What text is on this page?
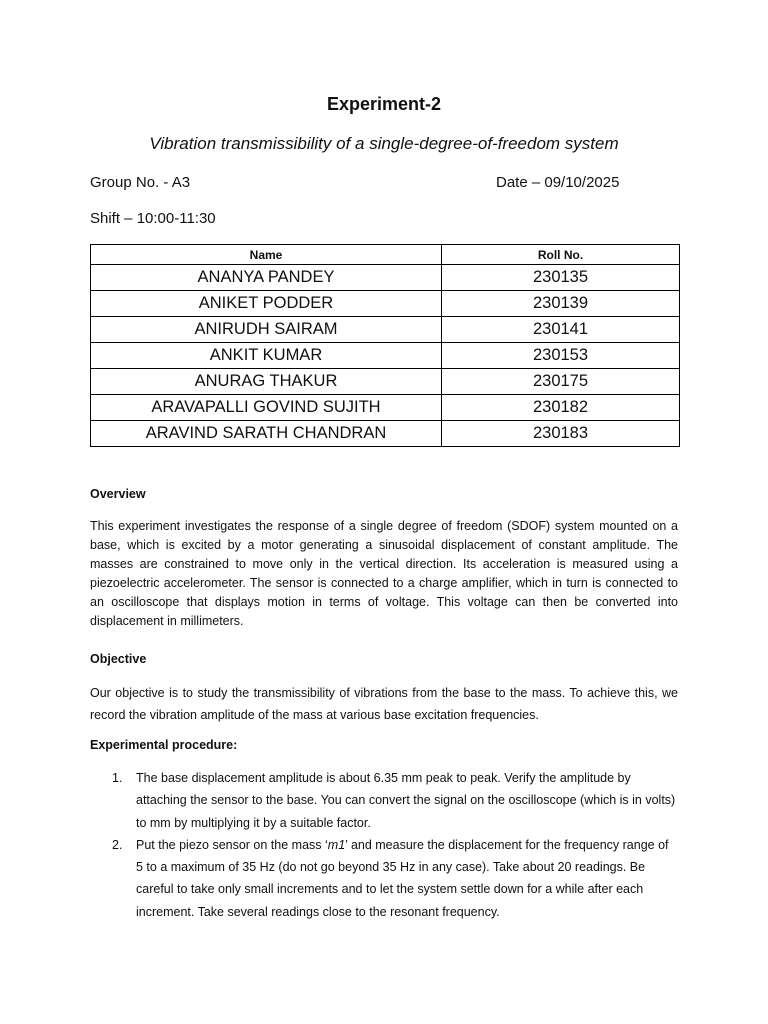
Experiment-2
Vibration transmissibility of a single-degree-of-freedom system
Group No. - A3	Date – 09/10/2025
Shift – 10:00-11:30
Name	Roll No.
ANANYA PANDEY	230135
ANIKET PODDER	230139
ANIRUDH SAIRAM	230141
ANKIT KUMAR	230153
ANURAG THAKUR	230175
ARAVAPALLI GOVIND SUJITH	230182
ARAVIND SARATH CHANDRAN	230183
Overview
This experiment investigates the response of a single degree of freedom (SDOF) system mounted on a base, which is excited by a motor generating a sinusoidal displacement of constant amplitude. The masses are constrained to move only in the vertical direction. Its acceleration is measured using a piezoelectric accelerometer. The sensor is connected to a charge amplifier, which in turn is connected to an oscilloscope that displays motion in terms of voltage. This voltage can then be converted into displacement in millimeters.
Objective
Our objective is to study the transmissibility of vibrations from the base to the mass. To achieve this, we record the vibration amplitude of the mass at various base excitation frequencies.
Experimental procedure:
1. The base displacement amplitude is about 6.35 mm peak to peak. Verify the amplitude by attaching the sensor to the base. You can convert the signal on the oscilloscope (which is in volts) to mm by multiplying it by a suitable factor.
2. Put the piezo sensor on the mass ‘m1’ and measure the displacement for the frequency range of 5 to a maximum of 35 Hz (do not go beyond 35 Hz in any case). Take about 20 readings. Be careful to take only small increments and to let the system settle down for a while after each increment. Take several readings close to the resonant frequency.
